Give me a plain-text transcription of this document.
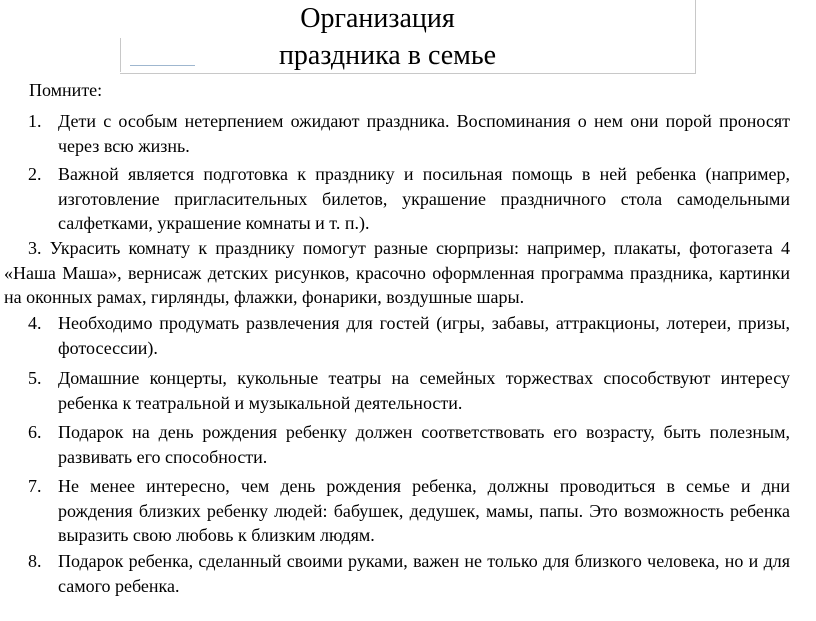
Организация
праздника в семье
Помните:
1. Дети с особым нетерпением ожидают праздника. Воспоминания о нем они порой проносят через всю жизнь.
2. Важной является подготовка к празднику и посильная помощь в ней ребенка (например, изготовление пригласительных билетов, украшение праздничного стола самодельными салфетками, украшение комнаты и т. п.).
3. Украсить комнату к празднику помогут разные сюрпризы: например, плакаты, фотогазета 4 «Наша Маша», вернисаж детских рисунков, красочно оформленная программа праздника, картинки на оконных рамах, гирлянды, флажки, фонарики, воздушные шары.
4. Необходимо продумать развлечения для гостей (игры, забавы, аттракционы, лотереи, призы, фотосессии).
5. Домашние концерты, кукольные театры на семейных торжествах способствуют интересу ребенка к театральной и музыкальной деятельности.
6. Подарок на день рождения ребенку должен соответствовать его возрасту, быть полезным, развивать его способности.
7. Не менее интересно, чем день рождения ребенка, должны проводиться в семье и дни рождения близких ребенку людей: бабушек, дедушек, мамы, папы. Это возможность ребенка выразить свою любовь к близким людям.
8. Подарок ребенка, сделанный своими руками, важен не только для близкого человека, но и для самого ребенка.
